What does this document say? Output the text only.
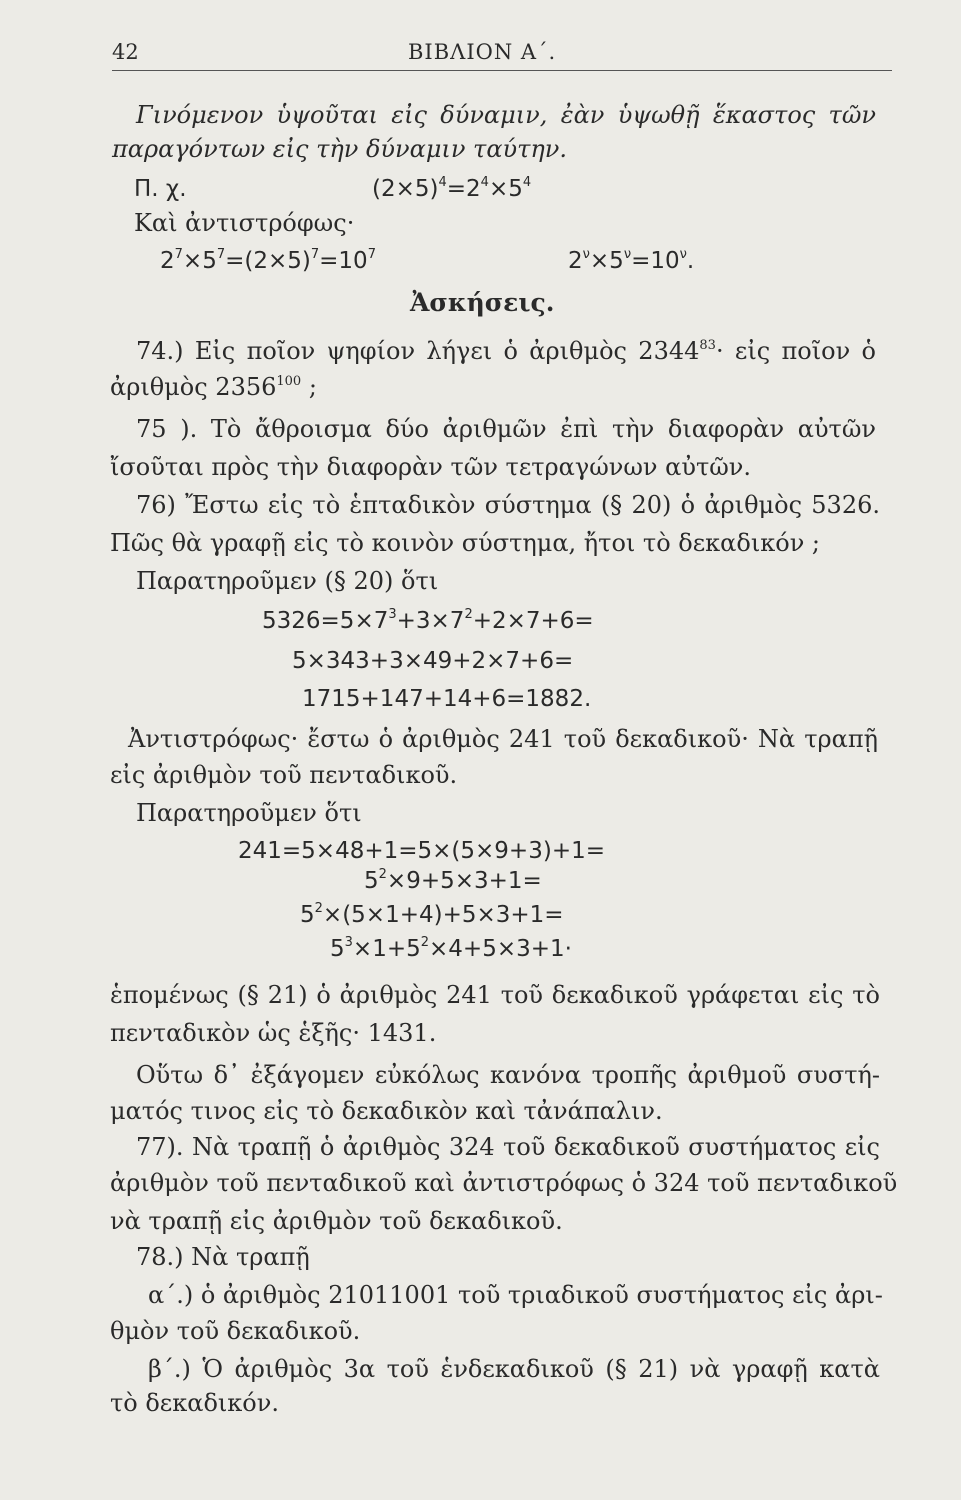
42	ΒΙΒΛΙΟΝ Α΄.
Γινόμενον ὑψοῦται εἰς δύναμιν, ἐὰν ὑψωθῇ ἕκαστος τῶν
παραγόντων εἰς τὴν δύναμιν ταύτην.
Π. χ.	$(2\times 5)^4=2^4\times 5^4$
Καὶ ἀντιστρόφως·
$2^7\times 5^7=(2\times 5)^7=10^7$	$2^\nu\times 5^\nu=10^\nu$.
Ἀσκήσεις.
74.) Εἰς ποῖον ψηφίον λήγει ὁ ἀριθμὸς $2344^{83}\cdot$ εἰς ποῖον ὁ
ἀριθμὸς 2356$^{100}$ ;
75 ). Τὸ ἄθροισμα δύο ἀριθμῶν ἐπὶ τὴν διαφορὰν αὐτῶν
ἴσοῦται πρὸς τὴν διαφορὰν τῶν τετραγώνων αὐτῶν.
76) Ἔστω εἰς τὸ ἑπταδικὸν σύστημα (§ 20) ὁ ἀριθμὸς 5326.
Πῶς θὰ γραφῇ εἰς τὸ κοινὸν σύστημα, ἤτοι τὸ δεκαδικόν ;
Παρατηροῦμεν (§ 20) ὅτι
$5326=5\times 7^3+3\times 7^2+2\times 7+6=$
5×343+3×49+2×7+6=
1715+147+14+6=1882.
Ἀντιστρόφως· ἔστω ὁ ἀριθμὸς 241 τοῦ δεκαδικοῦ· Νὰ τραπῇ
εἰς ἀριθμὸν τοῦ πενταδικοῦ.
Παρατηροῦμεν ὅτι
241=5×48+1=5×(5×9+3)+1=
$5^2\times 9+5\times 3+1=$
$5^2\times(5\times 1+4)+5\times 3+1=$
$5^3\times 1+5^2\times 4+5\times 3+1\cdot$
ἑπομένως (§ 21) ὁ ἀριθμὸς 241 τοῦ δεκαδικοῦ γράφεται εἰς τὸ
πενταδικὸν ὡς ἑξῆς· 1431.
Οὕτω δ᾽ ἐξάγομεν εὐκόλως κανόνα τροπῆς ἀριθμοῦ συστή-
ματός τινος εἰς τὸ δεκαδικὸν καὶ τἀνάπαλιν.
77). Νὰ τραπῇ ὁ ἀριθμὸς 324 τοῦ δεκαδικοῦ συστήματος εἰς
ἀριθμὸν τοῦ πενταδικοῦ καὶ ἀντιστρόφως ὁ 324 τοῦ πενταδικοῦ
νὰ τραπῇ εἰς ἀριθμὸν τοῦ δεκαδικοῦ.
78.) Νὰ τραπῇ
α΄.) ὁ ἀριθμὸς 21011001 τοῦ τριαδικοῦ συστήματος εἰς ἀρι-
θμὸν τοῦ δεκαδικοῦ.
β΄.) Ὁ ἀριθμὸς 3α τοῦ ἑνδεκαδικοῦ (§ 21) νὰ γραφῇ κατὰ
τὸ δεκαδικόν.
